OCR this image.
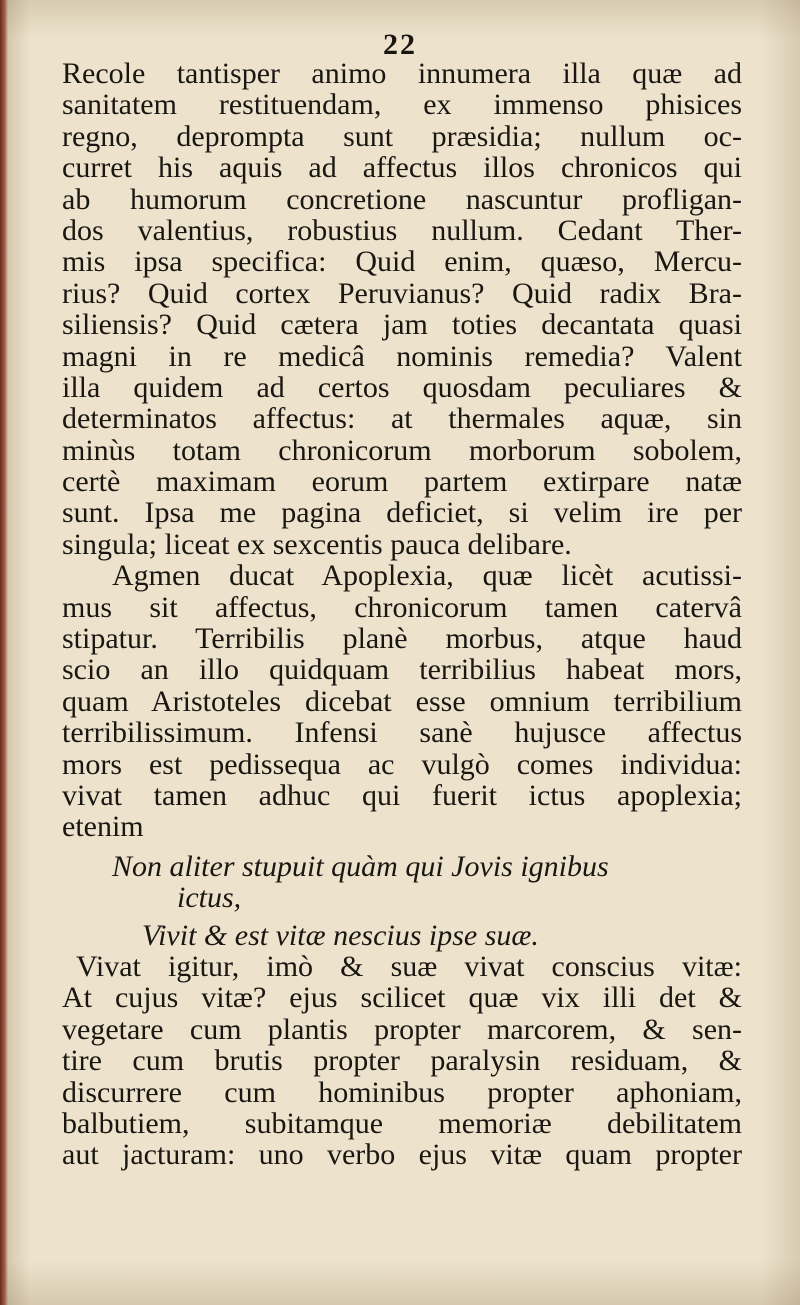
22
Recole tantisper animo innumera illa quæ ad
sanitatem restituendam, ex immenso phisices
regno, deprompta sunt præsidia; nullum oc-
curret his aquis ad affectus illos chronicos qui
ab humorum concretione nascuntur profligan-
dos valentius, robustius nullum. Cedant Ther-
mis ipsa specifica: Quid enim, quæso, Mercu-
rius? Quid cortex Peruvianus? Quid radix Bra-
siliensis? Quid cætera jam toties decantata quasi
magni in re medicâ nominis remedia? Valent
illa quidem ad certos quosdam peculiares &
determinatos affectus: at thermales aquæ, sin
minùs totam chronicorum morborum sobolem,
certè maximam eorum partem extirpare natæ
sunt. Ipsa me pagina deficiet, si velim ire per
singula; liceat ex sexcentis pauca delibare.
Agmen ducat Apoplexia, quæ licèt acutissi-
mus sit affectus, chronicorum tamen catervâ
stipatur. Terribilis planè morbus, atque haud
scio an illo quidquam terribilius habeat mors,
quam Aristoteles dicebat esse omnium terribilium
terribilissimum. Infensi sanè hujusce affectus
mors est pedissequa ac vulgò comes individua:
vivat tamen adhuc qui fuerit ictus apoplexia;
etenim
Non aliter stupuit quàm qui Jovis ignibus
ictus,
Vivit & est vitæ nescius ipse suæ.
Vivat igitur, imò & suæ vivat conscius vitæ:
At cujus vitæ? ejus scilicet quæ vix illi det &
vegetare cum plantis propter marcorem, & sen-
tire cum brutis propter paralysin residuam, &
discurrere cum hominibus propter aphoniam,
balbutiem, subitamque memoriæ debilitatem
aut jacturam: uno verbo ejus vitæ quam propter
